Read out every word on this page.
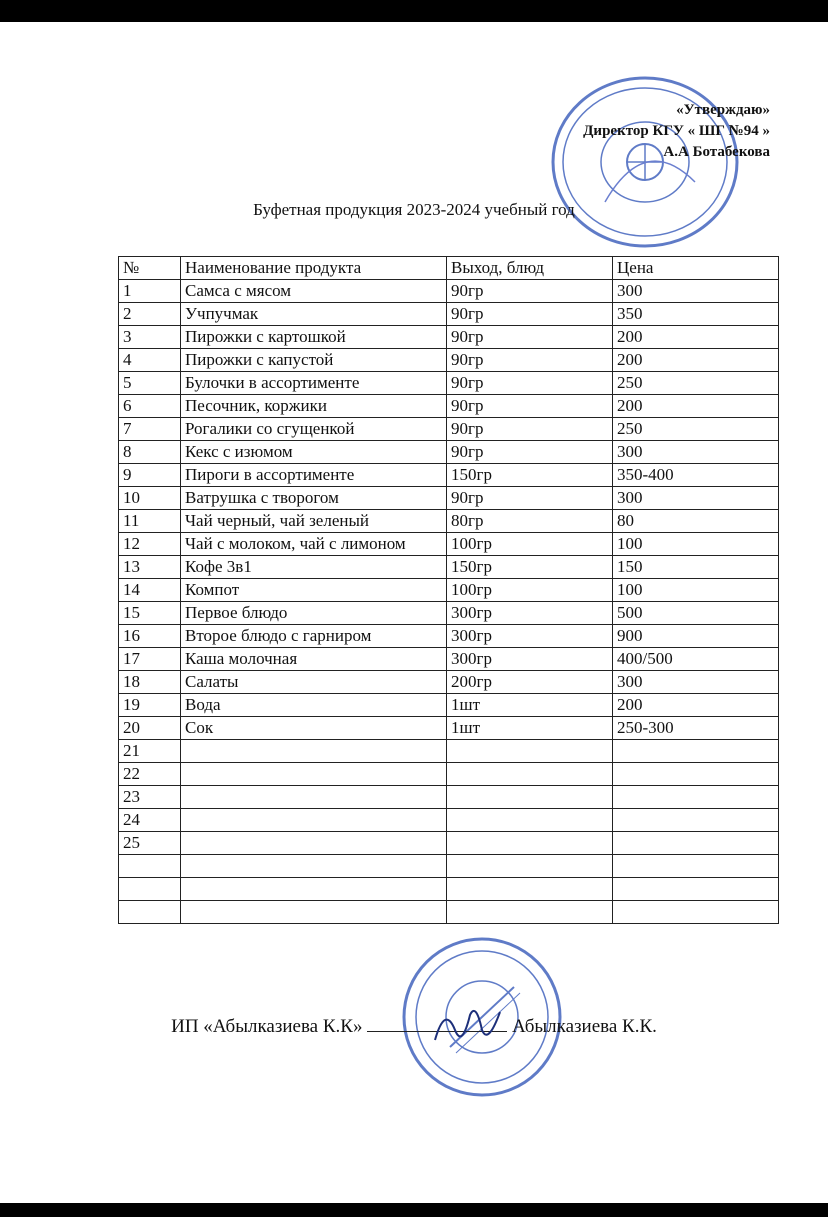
«Утверждаю»
Директор КГУ « ШГ №94 »
А.А Ботабекова
Буфетная продукция 2023-2024 учебный год
№	Наименование продукта	Выход, блюд	Цена
1	Самса с мясом	90гр	300
2	Учпучмак	90гр	350
3	Пирожки с картошкой	90гр	200
4	Пирожки с капустой	90гр	200
5	Булочки в ассортименте	90гр	250
6	Песочник, коржики	90гр	200
7	Рогалики со сгущенкой	90гр	250
8	Кекс с изюмом	90гр	300
9	Пироги в ассортименте	150гр	350-400
10	Ватрушка с творогом	90гр	300
11	Чай черный, чай зеленый	80гр	80
12	Чай с молоком, чай с лимоном	100гр	100
13	Кофе 3в1	150гр	150
14	Компот	100гр	100
15	Первое блюдо	300гр	500
16	Второе блюдо с гарниром	300гр	900
17	Каша молочная	300гр	400/500
18	Салаты	200гр	300
19	Вода	1шт	200
20	Сок	1шт	250-300
21			
22			
23			
24			
25			

ИП «Абылказиева К.К»	Абылказиева К.К.
